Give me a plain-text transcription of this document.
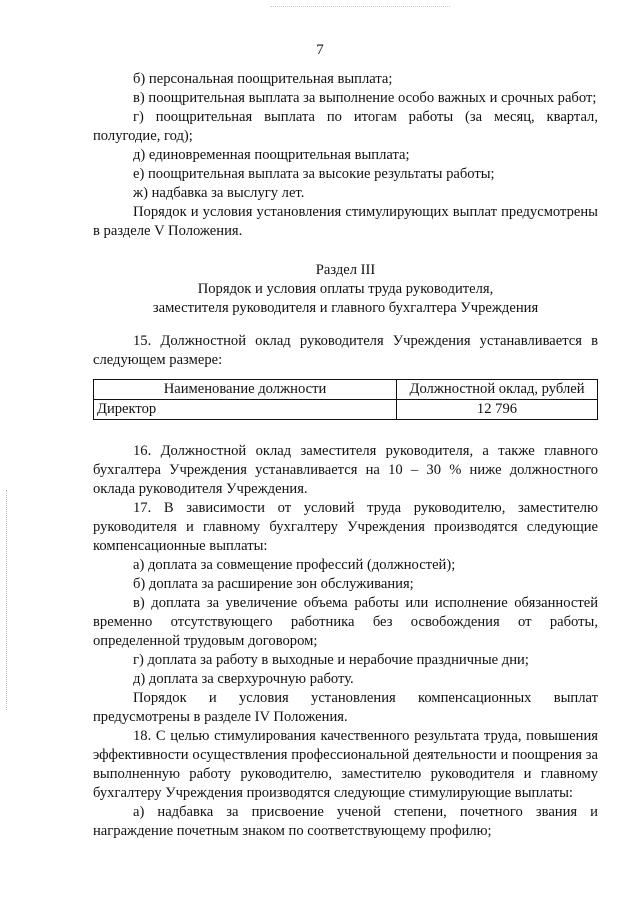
7

б) персональная поощрительная выплата;

в) поощрительная выплата за выполнение особо важных и срочных работ;

г) поощрительная выплата по итогам работы (за месяц, квартал, полугодие, год);

д) единовременная поощрительная выплата;

е) поощрительная выплата за высокие результаты работы;

ж) надбавка за выслугу лет.

Порядок и условия установления стимулирующих выплат предусмотрены в разделе V Положения.

Раздел III

Порядок и условия оплаты труда руководителя,

заместителя руководителя и главного бухгалтера Учреждения

15. Должностной оклад руководителя Учреждения устанавливается в следующем размере:

Наименование должности	Должностной оклад, рублей
Директор	12 796

16. Должностной оклад заместителя руководителя, а также главного бухгалтера Учреждения устанавливается на 10 – 30 % ниже должностного оклада руководителя Учреждения.

17. В зависимости от условий труда руководителю, заместителю руководителя и главному бухгалтеру Учреждения производятся следующие компенсационные выплаты:

а) доплата за совмещение профессий (должностей);

б) доплата за расширение зон обслуживания;

в) доплата за увеличение объема работы или исполнение обязанностей временно отсутствующего работника без освобождения от работы, определенной трудовым договором;

г) доплата за работу в выходные и нерабочие праздничные дни;

д) доплата за сверхурочную работу.

Порядок и условия установления компенсационных выплат предусмотрены в разделе IV Положения.

18. С целью стимулирования качественного результата труда, повышения эффективности осуществления профессиональной деятельности и поощрения за выполненную работу руководителю, заместителю руководителя и главному бухгалтеру Учреждения производятся следующие стимулирующие выплаты:

а) надбавка за присвоение ученой степени, почетного звания и награждение почетным знаком по соответствующему профилю;
